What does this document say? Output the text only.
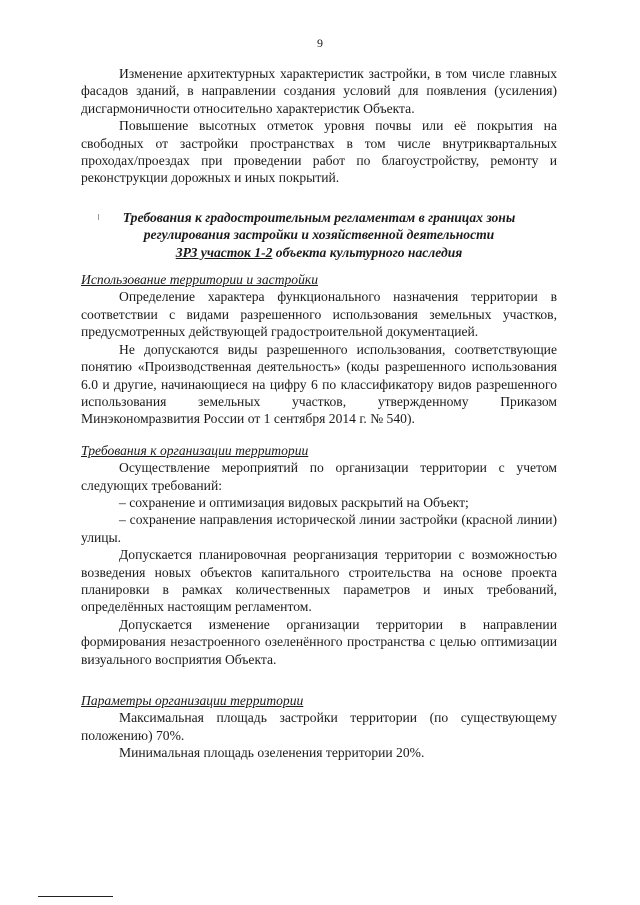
9

Изменение архитектурных характеристик застройки, в том числе главных фасадов зданий, в направлении создания условий для появления (усиления) дисгармоничности относительно характеристик Объекта.

Повышение высотных отметок уровня почвы или её покрытия на свободных от застройки пространствах в том числе внутриквартальных проходах/проездах при проведении работ по благоустройству, ремонту и реконструкции дорожных и иных покрытий.

Требования к градостроительным регламентам в границах зоны
регулирования застройки и хозяйственной деятельности
ЗРЗ участок 1-2 объекта культурного наследия

Использование территории и застройки

Определение характера функционального назначения территории в соответствии с видами разрешенного использования земельных участков, предусмотренных действующей градостроительной документацией.

Не допускаются виды разрешенного использования, соответствующие понятию «Производственная деятельность» (коды разрешенного использования 6.0 и другие, начинающиеся на цифру 6 по классификатору видов разрешенного использования земельных участков, утвержденному Приказом Минэкономразвития России от 1 сентября 2014 г. № 540).

Требования к организации территории

Осуществление мероприятий по организации территории с учетом следующих требований:

– сохранение и оптимизация видовых раскрытий на Объект;

– сохранение направления исторической линии застройки (красной линии) улицы.

Допускается планировочная реорганизация территории с возможностью возведения новых объектов капитального строительства на основе проекта планировки в рамках количественных параметров и иных требований, определённых настоящим регламентом.

Допускается изменение организации территории в направлении формирования незастроенного озеленённого пространства с целью оптимизации визуального восприятия Объекта.

Параметры организации территории

Максимальная площадь застройки территории (по существующему положению) 70%.

Минимальная площадь озеленения территории 20%.
